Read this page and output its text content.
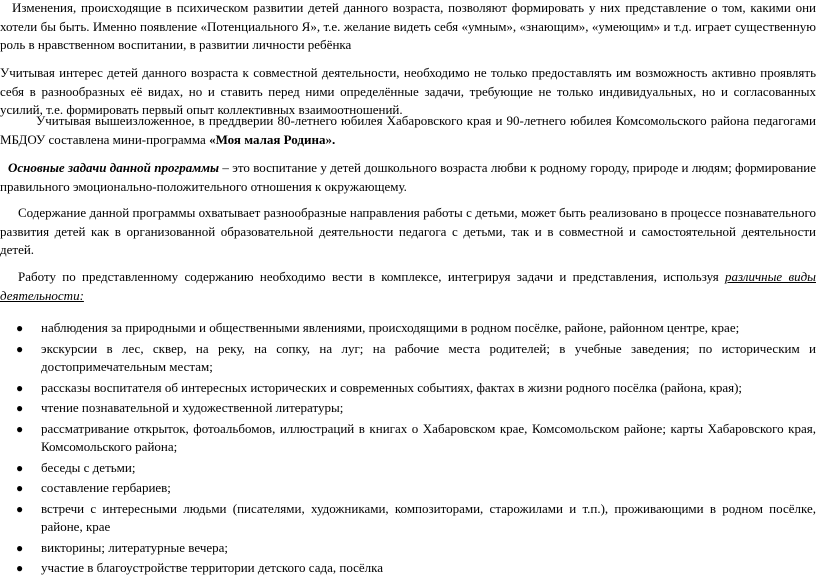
Изменения, происходящие в психическом развитии детей данного возраста, позволяют формировать у них представление о том, какими они хотели бы быть. Именно появление «Потенциального Я», т.е. желание видеть себя «умным», «знающим», «умеющим» и т.д. играет существенную роль в нравственном воспитании, в развитии личности ребёнка

Учитывая интерес детей данного возраста к совместной деятельности, необходимо не только предоставлять им возможность активно проявлять себя в разнообразных её видах, но и ставить перед ними определённые задачи, требующие не только индивидуальных, но и согласованных усилий, т.е. формировать первый опыт коллективных взаимоотношений.

Учитывая вышеизложенное, в преддверии 80-летнего юбилея Хабаровского края и 90-летнего юбилея Комсомольского района педагогами МБДОУ составлена мини-программа «Моя малая Родина».

Основные задачи данной программы – это воспитание у детей дошкольного возраста любви к родному городу, природе и людям; формирование правильного эмоционально-положительного отношения к окружающему.

Содержание данной программы охватывает разнообразные направления работы с детьми, может быть реализовано в процессе познавательного развития детей как в организованной образовательной деятельности педагога с детьми, так и в совместной и самостоятельной деятельности детей.

Работу по представленному содержанию необходимо вести в комплексе, интегрируя задачи и представления, используя различные виды деятельности:

● наблюдения за природными и общественными явлениями, происходящими в родном посёлке, районе, районном центре, крае;
● экскурсии в лес, сквер, на реку, на сопку, на луг; на рабочие места родителей; в учебные заведения; по историческим и достопримечательным местам;
● рассказы воспитателя об интересных исторических и современных событиях, фактах в жизни родного посёлка (района, края);
● чтение познавательной и художественной литературы;
● рассматривание открыток, фотоальбомов, иллюстраций в книгах о Хабаровском крае, Комсомольском районе; карты Хабаровского края, Комсомольского района;
● беседы с детьми;
● составление гербариев;
● встречи с интересными людьми (писателями, художниками, композиторами, старожилами и т.п.), проживающими в родном посёлке, районе, крае
● викторины; литературные вечера;
● участие в благоустройстве территории детского сада, посёлка
